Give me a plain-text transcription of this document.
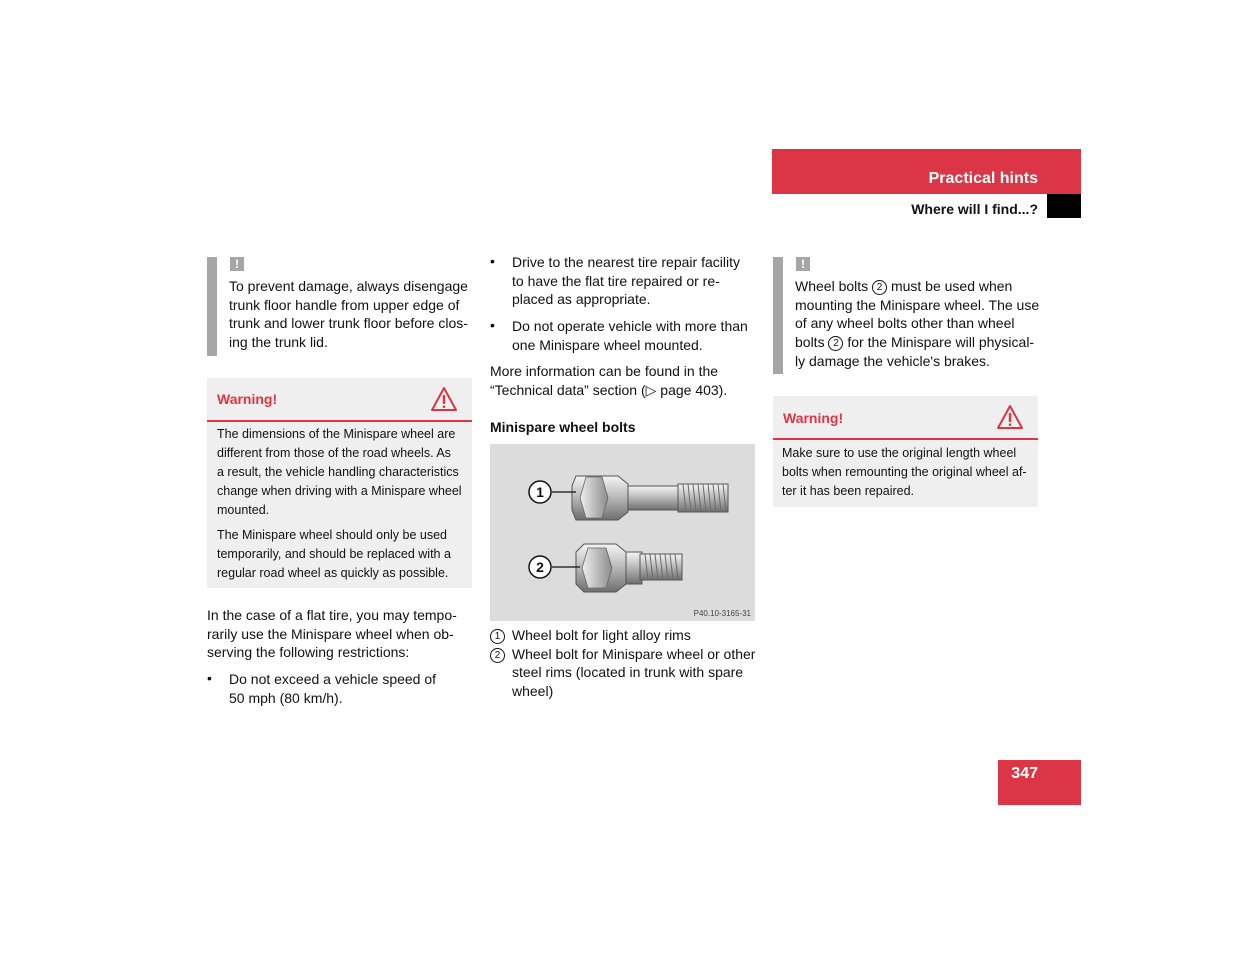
Practical hints
Where will I find...?
!
To prevent damage, always disengage
trunk floor handle from upper edge of
trunk and lower trunk floor before clos-
ing the trunk lid.
Warning!
The dimensions of the Minispare wheel are
different from those of the road wheels. As
a result, the vehicle handling characteristics
change when driving with a Minispare wheel
mounted.
The Minispare wheel should only be used
temporarily, and should be replaced with a
regular road wheel as quickly as possible.
In the case of a flat tire, you may tempo-
rarily use the Minispare wheel when ob-
serving the following restrictions:
• Do not exceed a vehicle speed of
50 mph (80 km/h).
• Drive to the nearest tire repair facility
to have the flat tire repaired or re-
placed as appropriate.
• Do not operate vehicle with more than
one Minispare wheel mounted.
More information can be found in the
“Technical data” section (▷ page 403).
Minispare wheel bolts
1
2
P40.10-3165-31
1 Wheel bolt for light alloy rims
2 Wheel bolt for Minispare wheel or other
steel rims (located in trunk with spare
wheel)
!
Wheel bolts 2 must be used when
mounting the Minispare wheel. The use
of any wheel bolts other than wheel
bolts 2 for the Minispare will physical-
ly damage the vehicle's brakes.
Warning!
Make sure to use the original length wheel
bolts when remounting the original wheel af-
ter it has been repaired.
347
